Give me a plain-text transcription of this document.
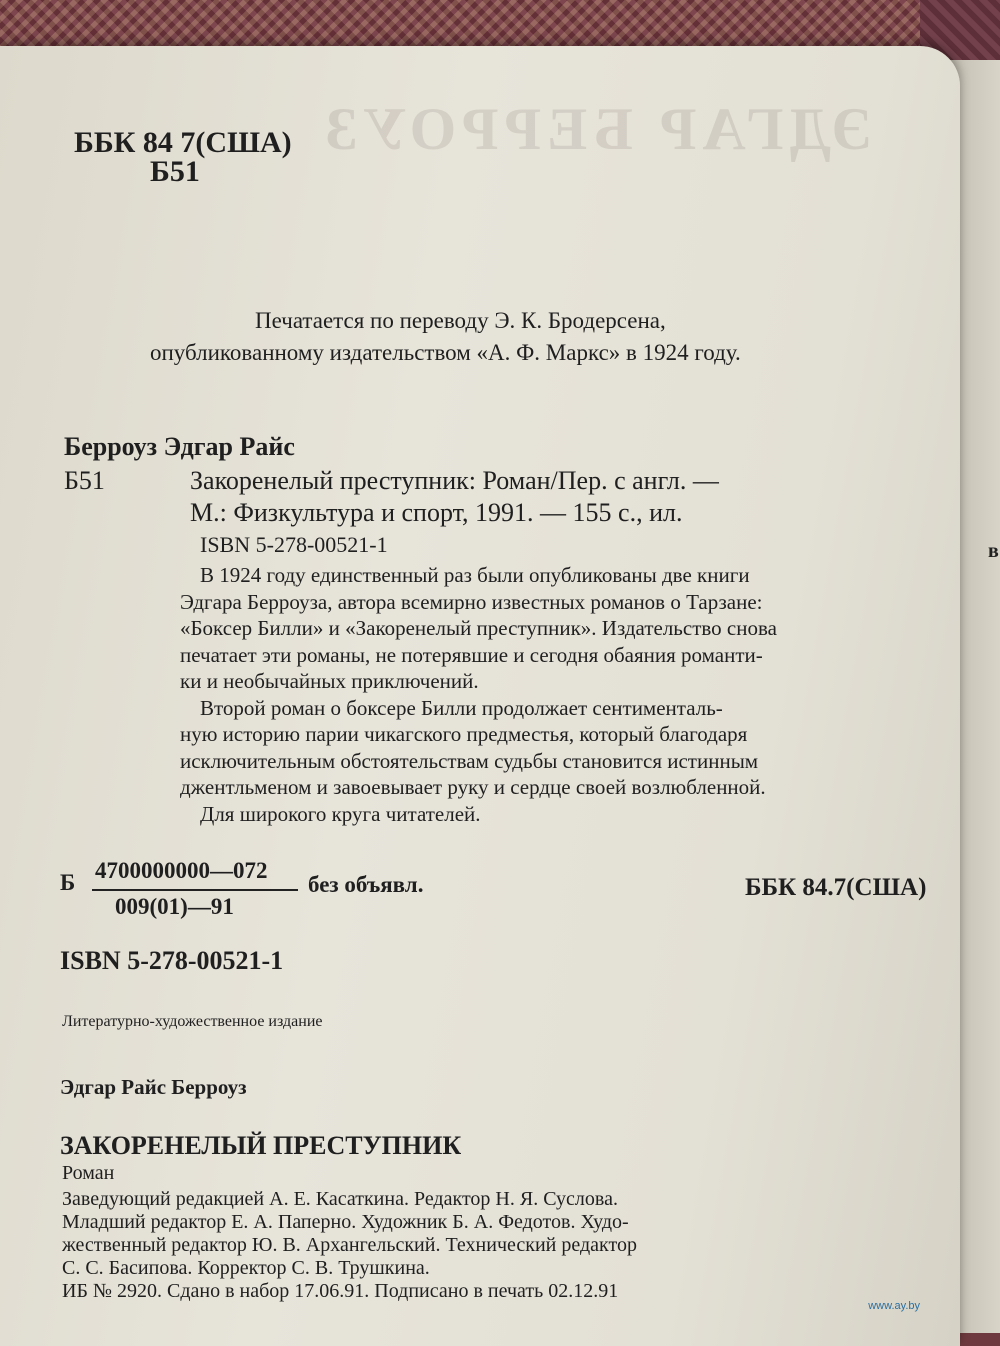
в
ЭДГАР БЕРРОУЗ
ББК 84 7(США)
Б51
Печатается по переводу Э. К. Бродерсена,
опубликованному издательством «А. Ф. Маркс» в 1924 году.
Берроуз Эдгар Райс
Б51	Закоренелый преступник: Роман/Пер. с англ. —
М.: Физкультура и спорт, 1991. — 155 с., ил.
ISBN 5-278-00521-1
В 1924 году единственный раз были опубликованы две книги
Эдгара Берроуза, автора всемирно известных романов о Тарзане:
«Боксер Билли» и «Закоренелый преступник». Издательство снова
печатает эти романы, не потерявшие и сегодня обаяния романти-
ки и необычайных приключений.
Второй роман о боксере Билли продолжает сентименталь-
ную историю парии чикагского предместья, который благодаря
исключительным обстоятельствам судьбы становится истинным
джентльменом и завоевывает руку и сердце своей возлюбленной.
Для широкого круга читателей.
Б 4700000000—072
009(01)—91
без объявл.	ББК 84.7(США)
ISBN 5-278-00521-1
Литературно-художественное издание
Эдгар Райс Берроуз
ЗАКОРЕНЕЛЫЙ ПРЕСТУПНИК
Роман
Заведующий редакцией А. Е. Касаткина. Редактор Н. Я. Суслова.
Младший редактор Е. А. Паперно. Художник Б. А. Федотов. Худо-
жественный редактор Ю. В. Архангельский. Технический редактор
С. С. Басипова. Корректор С. В. Трушкина.
ИБ № 2920. Сдано в набор 17.06.91. Подписано в печать 02.12.91
www.ay.by
